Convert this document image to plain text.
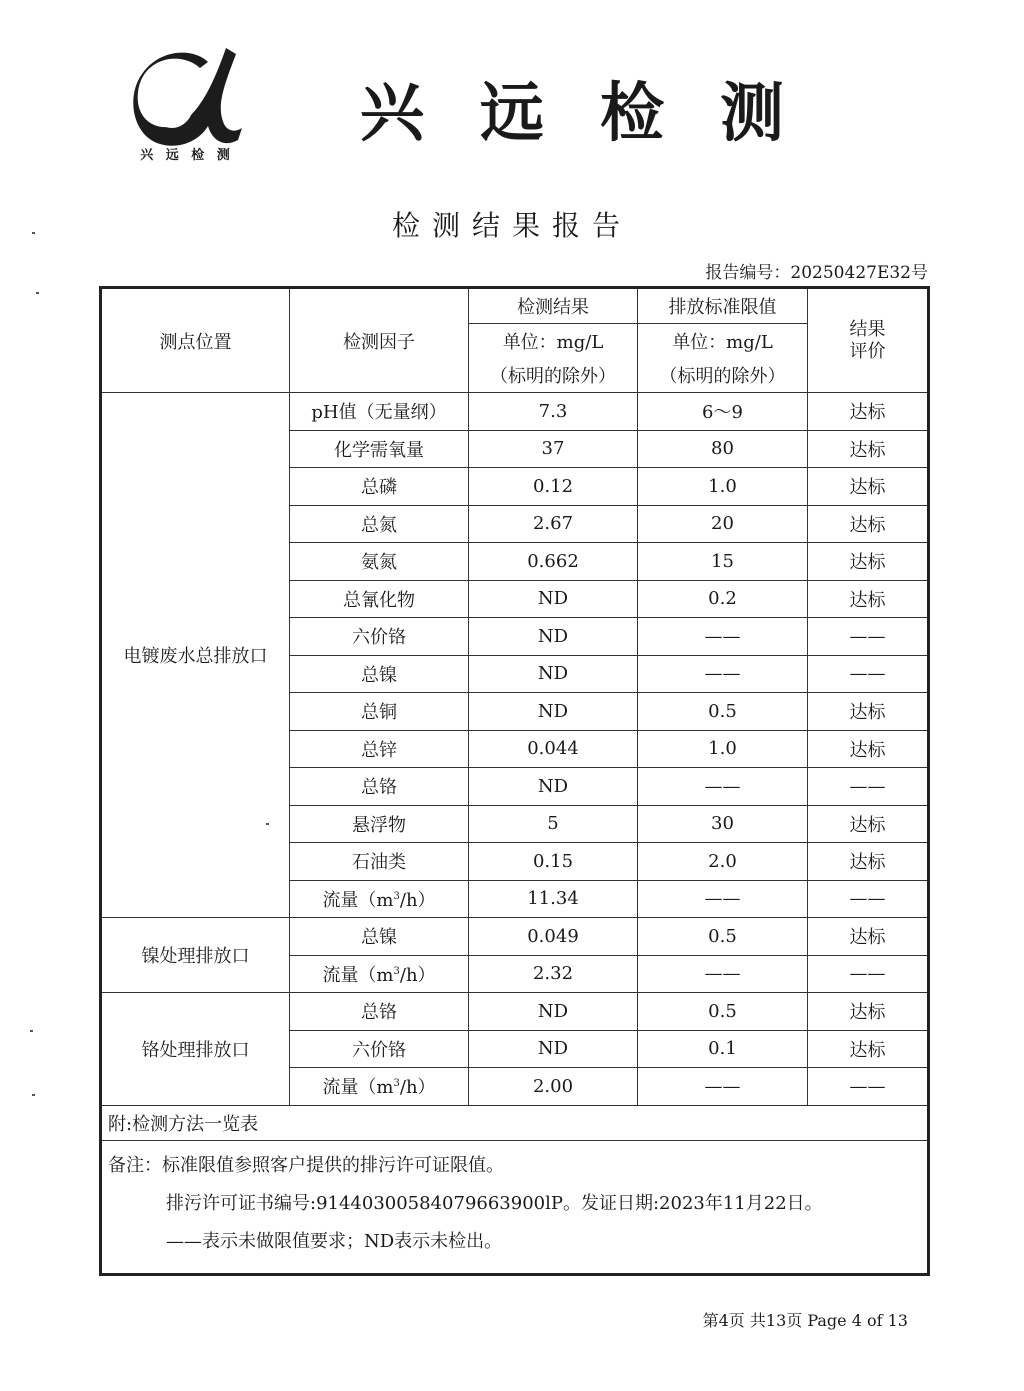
兴 远 检 测
兴远检测
检测结果报告
报告编号：20250427E32号
测点位置	检测因子	检测结果	排放标准限值	结果评价
		单位：mg/L	单位：mg/L	
		（标明的除外）	（标明的除外）	
电镀废水总排放口	pH值（无量纲）	7.3	6～9	达标
	化学需氧量	37	80	达标
	总磷	0.12	1.0	达标
	总氮	2.67	20	达标
	氨氮	0.662	15	达标
	总氰化物	ND	0.2	达标
	六价铬	ND	——	——
	总镍	ND	——	——
	总铜	ND	0.5	达标
	总锌	0.044	1.0	达标
	总铬	ND	——	——
	悬浮物	5	30	达标
	石油类	0.15	2.0	达标
	流量$(m^3/h)$	11.34	——	——
镍处理排放口	总镍	0.049	0.5	达标
	流量$(m^3/h)$	2.32	——	——
铬处理排放口	总铬	ND	0.5	达标
	六价铬	ND	0.1	达标
	流量$(m^3/h)$	2.00	——	——
附:检测方法一览表				

备注：标准限值参照客户提供的排污许可证限值。
排污许可证书编号:91440300584079663900lP。发证日期:2023年11月22日。
——表示未做限值要求；ND表示未检出。				
第4页 共13页 Page 4 of 13
